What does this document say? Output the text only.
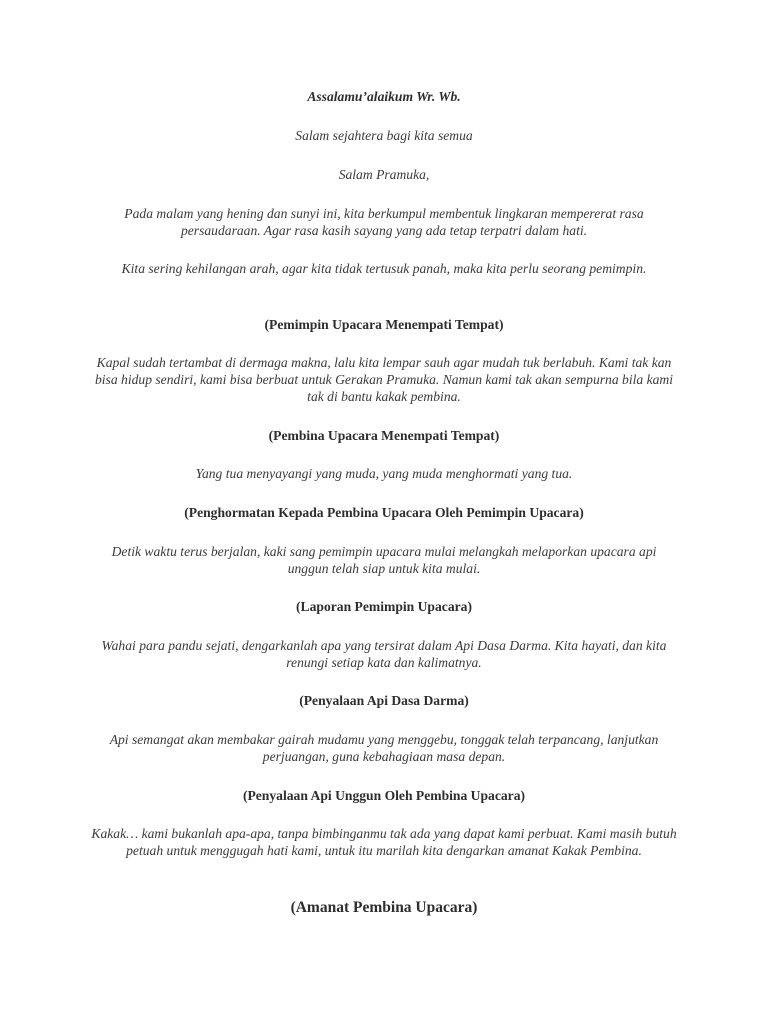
Assalamu’alaikum Wr. Wb.
Salam sejahtera bagi kita semua
Salam Pramuka,
Pada malam yang hening dan sunyi ini, kita berkumpul membentuk lingkaran mempererat rasa persaudaraan. Agar rasa kasih sayang yang ada tetap terpatri dalam hati.
Kita sering kehilangan arah, agar kita tidak tertusuk panah, maka kita perlu seorang pemimpin.
(Pemimpin Upacara Menempati Tempat)
Kapal sudah tertambat di dermaga makna, lalu kita lempar sauh agar mudah tuk berlabuh. Kami tak kan bisa hidup sendiri, kami bisa berbuat untuk Gerakan Pramuka. Namun kami tak akan sempurna bila kami tak di bantu kakak pembina.
(Pembina Upacara Menempati Tempat)
Yang tua menyayangi yang muda, yang muda menghormati yang tua.
(Penghormatan Kepada Pembina Upacara Oleh Pemimpin Upacara)
Detik waktu terus berjalan, kaki sang pemimpin upacara mulai melangkah melaporkan upacara api unggun telah siap untuk kita mulai.
(Laporan Pemimpin Upacara)
Wahai para pandu sejati, dengarkanlah apa yang tersirat dalam Api Dasa Darma. Kita hayati, dan kita renungi setiap kata dan kalimatnya.
(Penyalaan Api Dasa Darma)
Api semangat akan membakar gairah mudamu yang menggebu, tonggak telah terpancang, lanjutkan perjuangan, guna kebahagiaan masa depan.
(Penyalaan Api Unggun Oleh Pembina Upacara)
Kakak… kami bukanlah apa-apa, tanpa bimbinganmu tak ada yang dapat kami perbuat. Kami masih butuh petuah untuk menggugah hati kami, untuk itu marilah kita dengarkan amanat Kakak Pembina.
(Amanat Pembina Upacara)
